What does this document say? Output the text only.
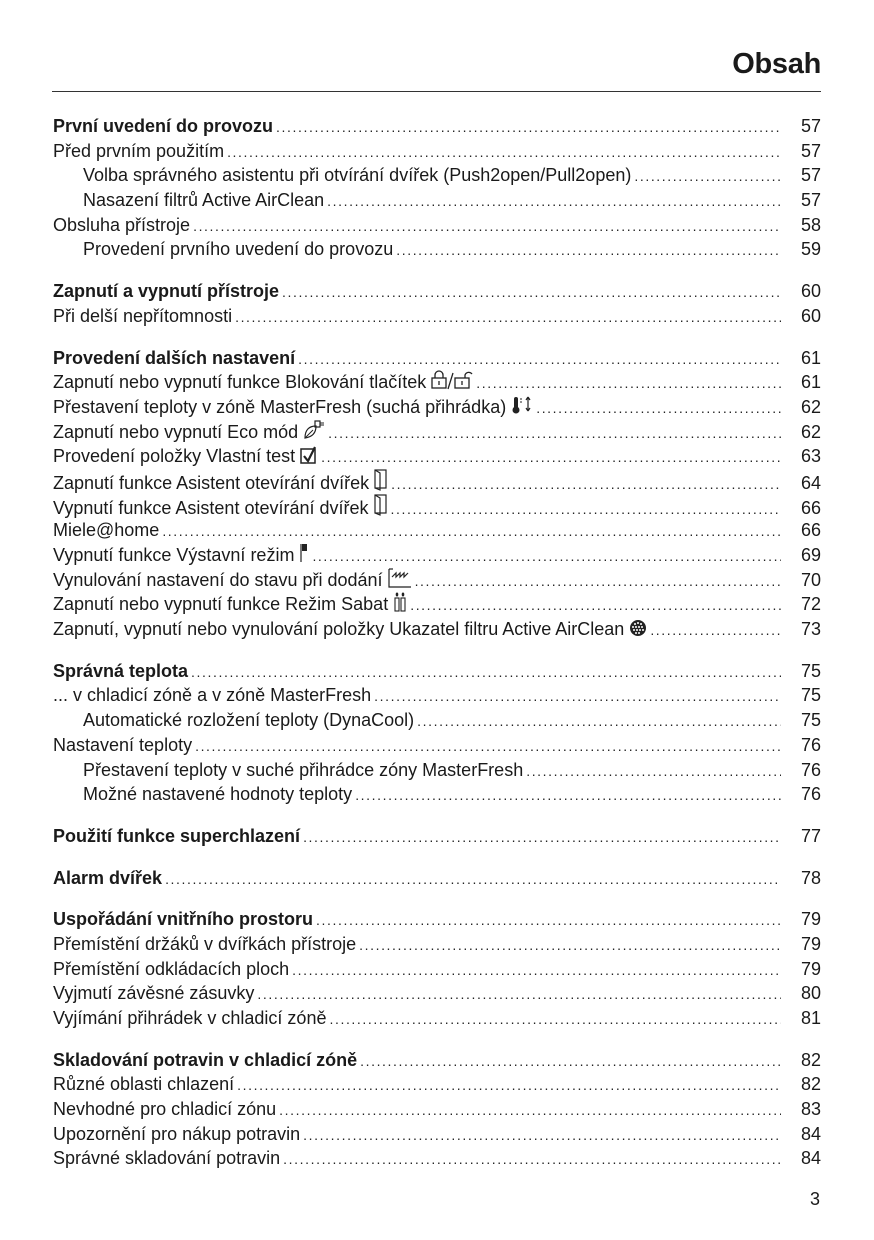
Obsah
První uvedení do provozu .....	57
Před prvním použitím .....	57
Volba správného asistentu při otvírání dvířek (Push2open/Pull2open) .....	57
Nasazení filtrů Active AirClean .....	57
Obsluha přístroje .....	58
Provedení prvního uvedení do provozu .....	59
Zapnutí a vypnutí přístroje .....	60
Při delší nepřítomnosti .....	60
Provedení dalších nastavení .....	61
Zapnutí nebo vypnutí funkce Blokování tlačítek .....	61
Přestavení teploty v zóně MasterFresh (suchá přihrádka) .....	62
Zapnutí nebo vypnutí Eco mód .....	62
Provedení položky Vlastní test .....	63
Zapnutí funkce Asistent otevírání dvířek .....	64
Vypnutí funkce Asistent otevírání dvířek .....	66
Miele@home .....	66
Vypnutí funkce Výstavní režim .....	69
Vynulování nastavení do stavu při dodání .....	70
Zapnutí nebo vypnutí funkce Režim Sabat .....	72
Zapnutí, vypnutí nebo vynulování položky Ukazatel filtru Active AirClean .....	73
Správná teplota .....	75
... v chladicí zóně a v zóně MasterFresh .....	75
Automatické rozložení teploty (DynaCool) .....	75
Nastavení teploty .....	76
Přestavení teploty v suché přihrádce zóny MasterFresh .....	76
Možné nastavené hodnoty teploty .....	76
Použití funkce superchlazení .....	77
Alarm dvířek .....	78
Uspořádání vnitřního prostoru .....	79
Přemístění držáků v dvířkách přístroje .....	79
Přemístění odkládacích ploch .....	79
Vyjmutí závěsné zásuvky .....	80
Vyjímání přihrádek v chladicí zóně .....	81
Skladování potravin v chladicí zóně .....	82
Různé oblasti chlazení .....	82
Nevhodné pro chladicí zónu .....	83
Upozornění pro nákup potravin .....	84
Správné skladování potravin .....	84
3
